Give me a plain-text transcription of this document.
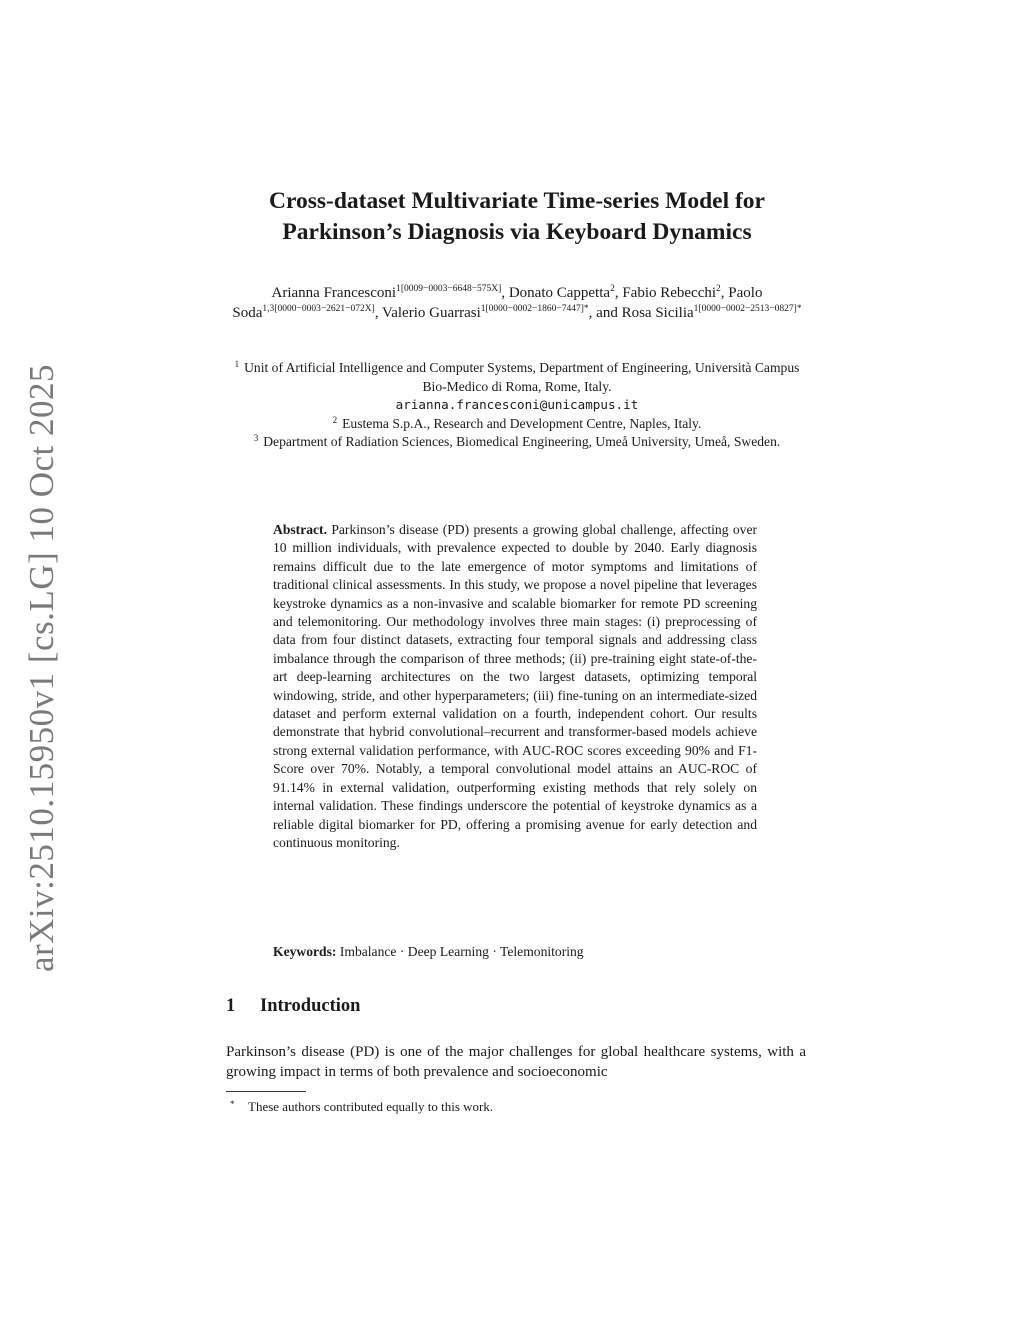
arXiv:2510.15950v1 [cs.LG] 10 Oct 2025
Cross-dataset Multivariate Time-series Model for
Parkinson’s Diagnosis via Keyboard Dynamics
Arianna Francesconi$^{1[0009-0003-6648-575X]}$, Donato Cappetta$^2$, Fabio Rebecchi$^2$, Paolo Soda$^{1,3[0000-0003-2621-072X]}$, Valerio Guarrasi$^{1[0000-0002-1860-7447]*}$, and Rosa Sicilia$^{1[0000-0002-2513-0827]*}$
$^1$ Unit of Artificial Intelligence and Computer Systems, Department of Engineering, Università Campus Bio-Medico di Roma, Rome, Italy.
arianna.francesconi@unicampus.it
$^2$ Eustema S.p.A., Research and Development Centre, Naples, Italy.
$^3$ Department of Radiation Sciences, Biomedical Engineering, Umeå University, Umeå, Sweden.
Abstract. Parkinson’s disease (PD) presents a growing global challenge, affecting over 10 million individuals, with prevalence expected to double by 2040. Early diagnosis remains difficult due to the late emergence of motor symptoms and limitations of traditional clinical assessments. In this study, we propose a novel pipeline that leverages keystroke dynamics as a non-invasive and scalable biomarker for remote PD screening and telemonitoring. Our methodology involves three main stages: (i) preprocessing of data from four distinct datasets, extracting four temporal signals and addressing class imbalance through the comparison of three methods; (ii) pre-training eight state-of-the-art deep-learning architectures on the two largest datasets, optimizing temporal windowing, stride, and other hyperparameters; (iii) fine-tuning on an intermediate-sized dataset and perform external validation on a fourth, independent cohort. Our results demonstrate that hybrid convolutional–recurrent and transformer-based models achieve strong external validation performance, with AUC-ROC scores exceeding 90% and F1-Score over 70%. Notably, a temporal convolutional model attains an AUC-ROC of 91.14% in external validation, outperforming existing methods that rely solely on internal validation. These findings underscore the potential of keystroke dynamics as a reliable digital biomarker for PD, offering a promising avenue for early detection and continuous monitoring.
Keywords: Imbalance · Deep Learning · Telemonitoring
1 Introduction
Parkinson’s disease (PD) is one of the major challenges for global healthcare systems, with a growing impact in terms of both prevalence and socioeconomic
* These authors contributed equally to this work.
